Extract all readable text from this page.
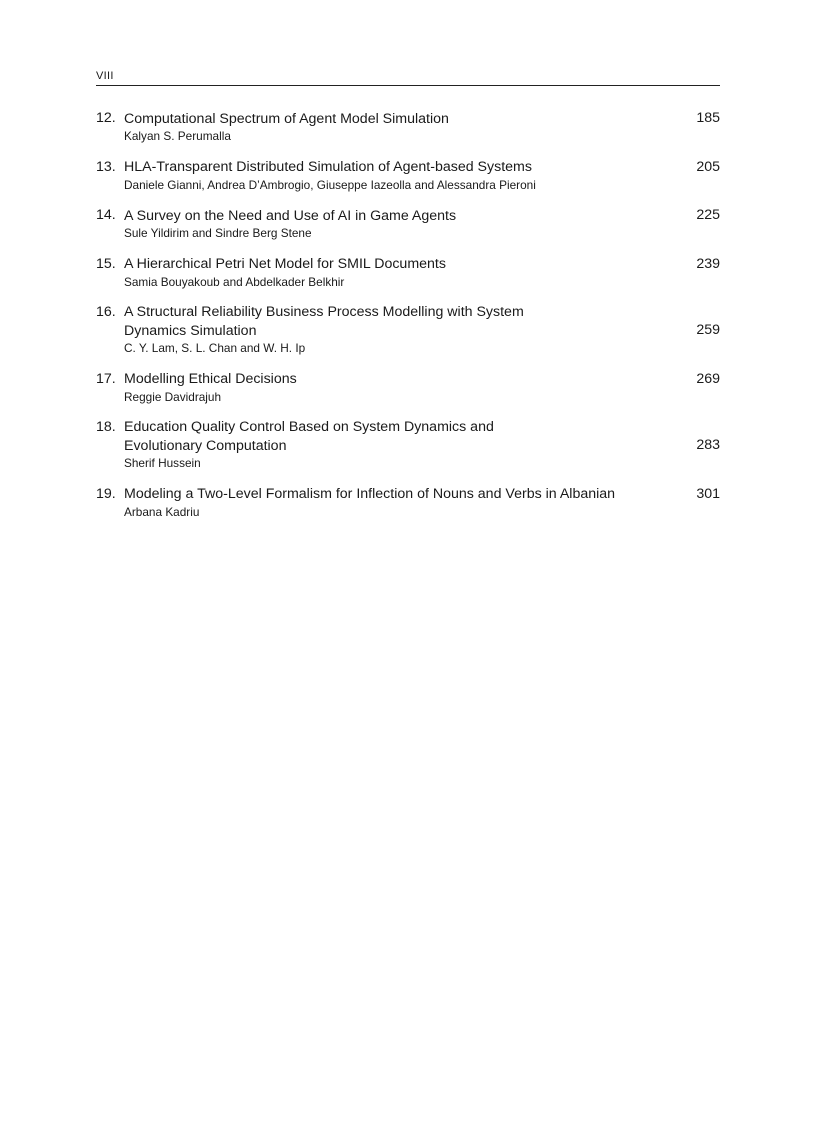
VIII
12. Computational Spectrum of Agent Model Simulation
Kalyan S. Perumalla
185
13. HLA-Transparent Distributed Simulation of Agent-based Systems
Daniele Gianni, Andrea D’Ambrogio, Giuseppe Iazeolla and Alessandra Pieroni
205
14. A Survey on the Need and Use of AI in Game Agents
Sule Yildirim and Sindre Berg Stene
225
15. A Hierarchical Petri Net Model for SMIL Documents
Samia Bouyakoub and Abdelkader Belkhir
239
16. A Structural Reliability Business Process Modelling with System
Dynamics Simulation
C. Y. Lam, S. L. Chan and W. H. Ip
259
17. Modelling Ethical Decisions
Reggie Davidrajuh
269
18. Education Quality Control Based on System Dynamics and
Evolutionary Computation
Sherif Hussein
283
19. Modeling a Two-Level Formalism for Inflection of Nouns and Verbs in Albanian
Arbana Kadriu
301
